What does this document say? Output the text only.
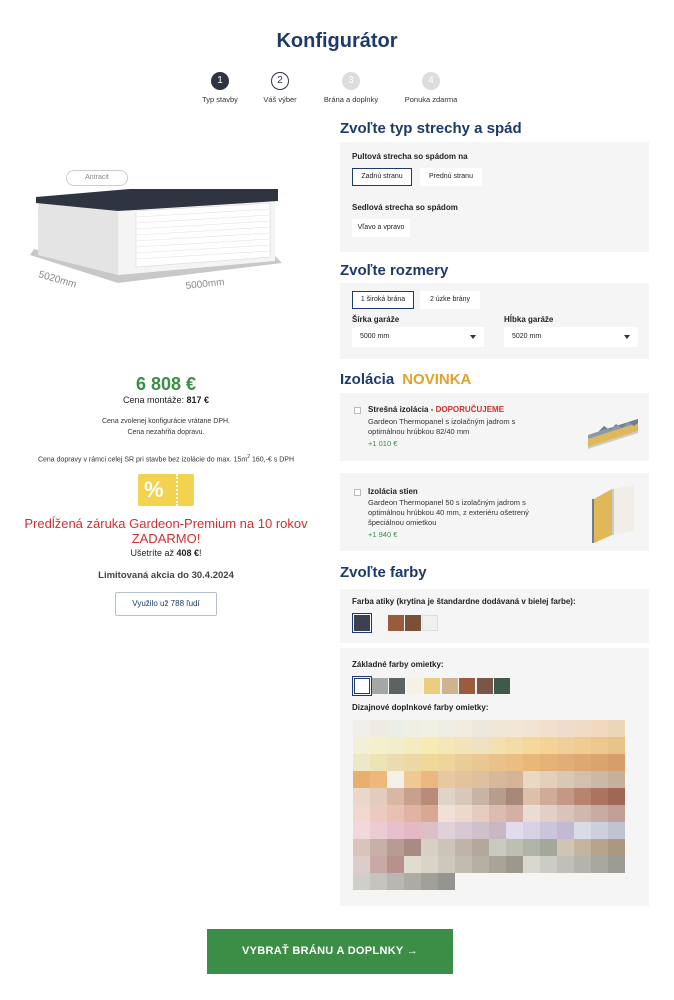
Konfigurátor
1
Typ stavby
2
Váš výber
3
Brána a doplnky
4
Ponuka zdarma
5020mm	5000mm
Antracit
6 808 €
Cena montáže: 817 €
Cena zvolenej konfigurácie vrátane DPH.
Cena nezahŕňa dopravu.
Cena dopravy v rámci celej SR pri stavbe bez izolácie do max. $15m^2$ 160,-€ s DPH
%
Predĺžená záruka Gardeon-Premium na 10 rokov
ZADARMO!
Ušetríte až 408 €!
Limitovaná akcia do 30.4.2024
Využilo už 788 ľudí
Zvoľte typ strechy a spád
Pultová strecha so spádom na
Zadnú stranu	Prednú stranu
Sedlová strecha so spádom
Vľavo a vpravo
Zvoľte rozmery
1 široká brána	2 úzke brány
Šírka garáže
5000 mm
Hĺbka garáže
5020 mm
Izolácia NOVINKA
Strešná izolácia - DOPORUČUJEME
Gardeon Thermopanel s izolačným jadrom s
optimálnou hrúbkou 82/40 mm
+1 010 €
Izolácia stien
Gardeon Thermopanel 50 s izolačným jadrom s
optimálnou hrúbkou 40 mm, z exteriéru ošetrený
špeciálnou omietkou
+1 940 €
Zvoľte farby
Farba atiky (krytina je štandardne dodávaná v bielej farbe):
Základné farby omietky:
Dizajnové doplnkové farby omietky:
VYBRAŤ BRÁNU A DOPLNKY →
